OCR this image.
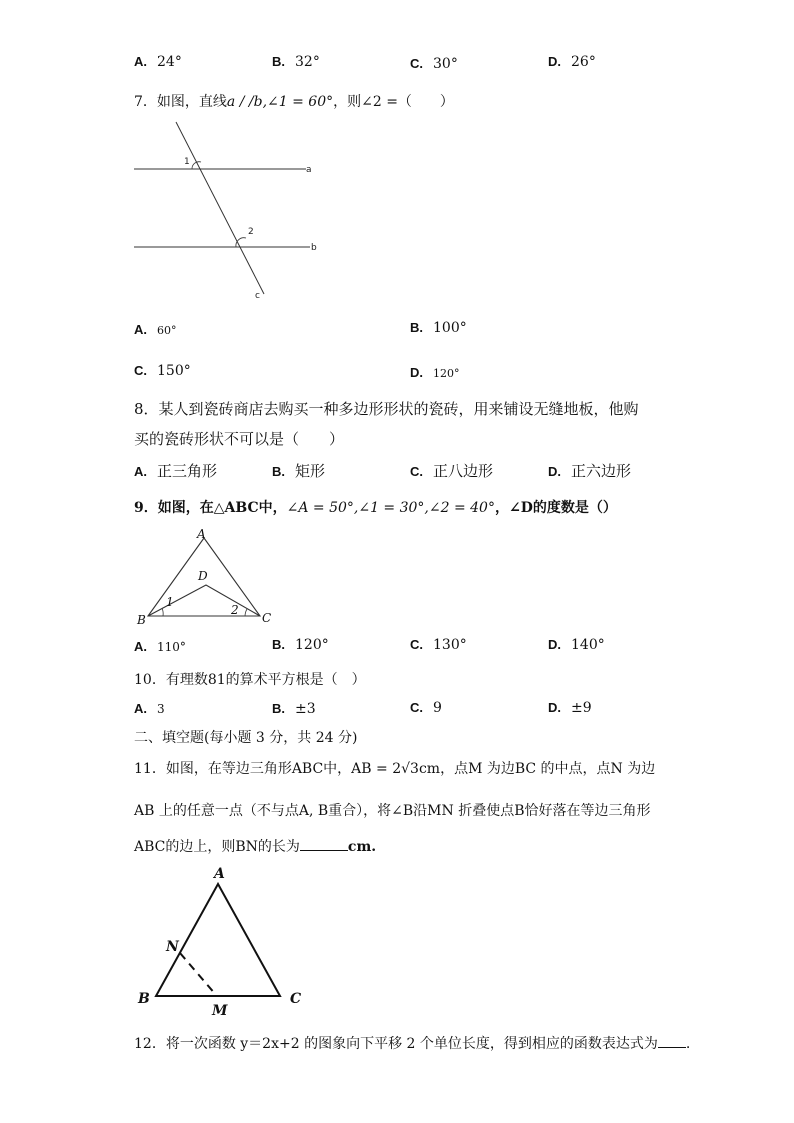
A. 24°	B. 32°	C. 30°	D. 26°
7．如图，直线a / /b,∠1 = 60°，则∠2 =（　　）
1
2
a
b
c
A. 60°	B. 100°
C. 150°	D. 120°
8．某人到瓷砖商店去购买一种多边形形状的瓷砖，用来铺设无缝地板，他购
买的瓷砖形状不可以是（　　）
A. 正三角形	B. 矩形	C. 正八边形	D. 正六边形
9．如图，在△ABC中，∠A = 50°,∠1 = 30°,∠2 = 40°，∠D的度数是（）
A
B	C
D
1
2
A. 110°	B. 120°	C. 130°	D. 140°
10．有理数81的算术平方根是（　）
A. 3	B. ±3	C. 9	D. ±9
二、填空题(每小题 3 分，共 24 分)
11．如图，在等边三角形ABC中，AB = 2√3cm，点M 为边BC 的中点，点N 为边
AB 上的任意一点（不与点A, B重合），将∠B沿MN 折叠使点B恰好落在等边三角形
ABC的边上，则BN的长为	cm.
A
B	C
N
M
12．将一次函数 y＝2x+2 的图象向下平移 2 个单位长度，得到相应的函数表达式为 .
